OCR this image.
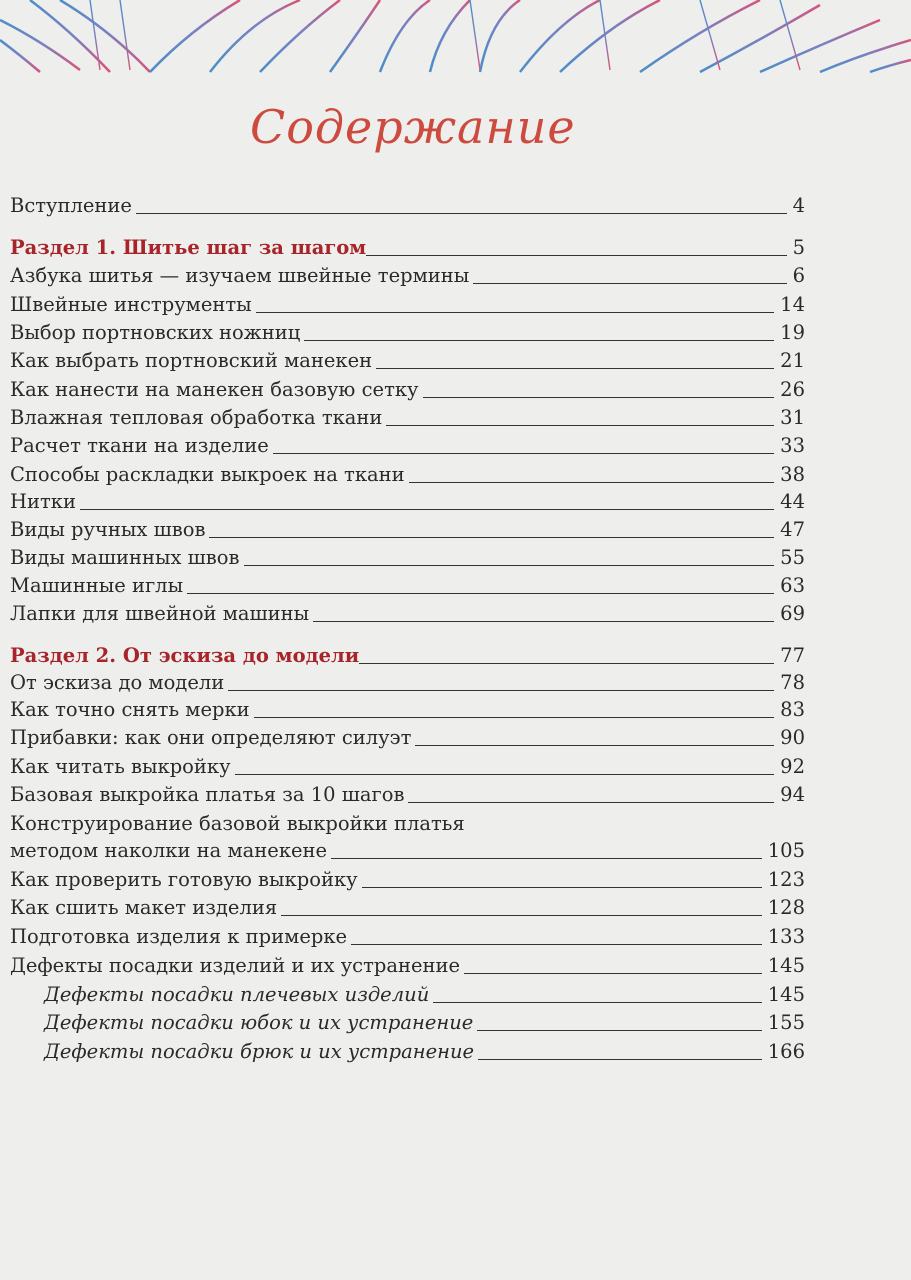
Содержание
Вступление	4
Раздел 1. Шитье шаг за шагом	5
Азбука шитья — изучаем швейные термины	6
Швейные инструменты	14
Выбор портновских ножниц	19
Как выбрать портновский манекен	21
Как нанести на манекен базовую сетку	26
Влажная тепловая обработка ткани	31
Расчет ткани на изделие	33
Способы раскладки выкроек на ткани	38
Нитки	44
Виды ручных швов	47
Виды машинных швов	55
Машинные иглы	63
Лапки для швейной машины	69
Раздел 2. От эскиза до модели	77
От эскиза до модели	78
Как точно снять мерки	83
Прибавки: как они определяют силуэт	90
Как читать выкройку	92
Базовая выкройка платья за 10 шагов	94
Конструирование базовой выкройки платья
методом наколки на манекене	105
Как проверить готовую выкройку	123
Как сшить макет изделия	128
Подготовка изделия к примерке	133
Дефекты посадки изделий и их устранение	145
Дефекты посадки плечевых изделий	145
Дефекты посадки юбок и их устранение	155
Дефекты посадки брюк и их устранение	166
